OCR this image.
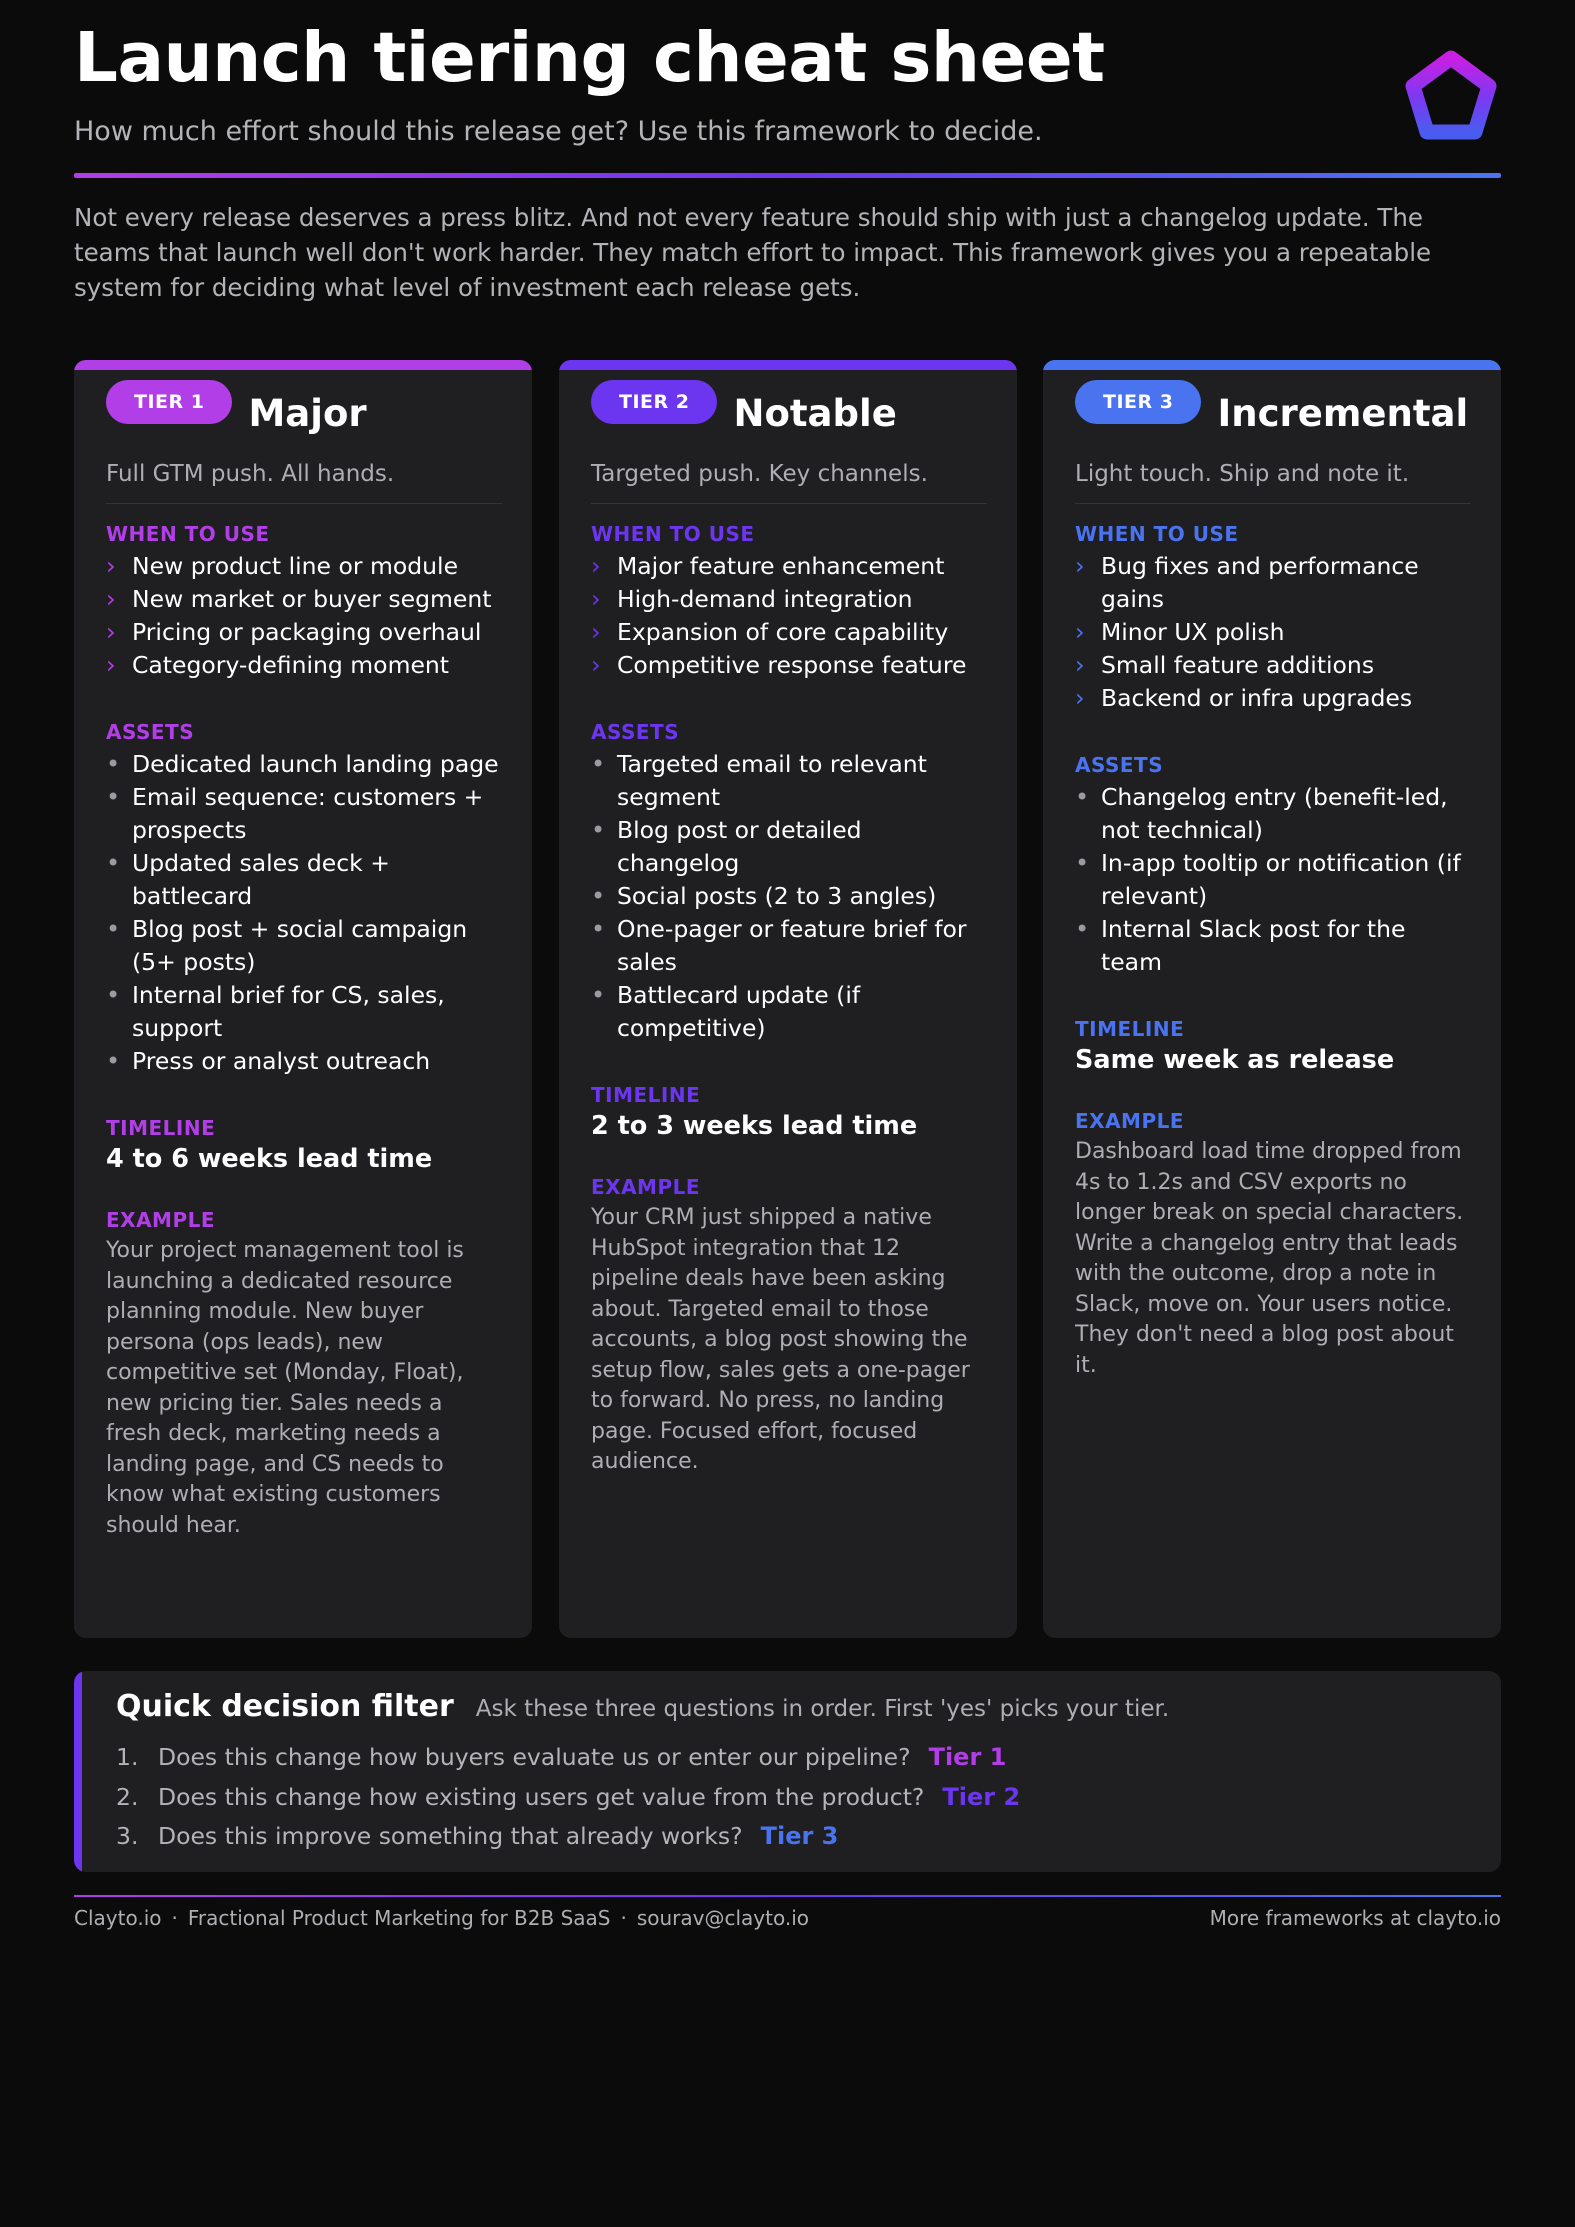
Launch tiering cheat sheet
How much effort should this release get? Use this framework to decide.

Not every release deserves a press blitz. And not every feature should ship with just a changelog update. The teams that launch well don't work harder. They match effort to impact. This framework gives you a repeatable system for deciding what level of investment each release gets.

TIER 1 Major
Full GTM push. All hands.
WHEN TO USE
› New product line or module
› New market or buyer segment
› Pricing or packaging overhaul
› Category-defining moment
ASSETS
• Dedicated launch landing page
• Email sequence: customers + prospects
• Updated sales deck + battlecard
• Blog post + social campaign (5+ posts)
• Internal brief for CS, sales, support
• Press or analyst outreach
TIMELINE
4 to 6 weeks lead time
EXAMPLE

Your project management tool is launching a dedicated resource planning module. New buyer persona (ops leads), new competitive set (Monday, Float), new pricing tier. Sales needs a fresh deck, marketing needs a landing page, and CS needs to know what existing customers should hear.

TIER 2 Notable
Targeted push. Key channels.
WHEN TO USE
› Major feature enhancement
› High-demand integration
› Expansion of core capability
› Competitive response feature
ASSETS
• Targeted email to relevant segment
• Blog post or detailed changelog
• Social posts (2 to 3 angles)
• One-pager or feature brief for sales
• Battlecard update (if competitive)
TIMELINE
2 to 3 weeks lead time
EXAMPLE

Your CRM just shipped a native HubSpot integration that 12 pipeline deals have been asking about. Targeted email to those accounts, a blog post showing the setup flow, sales gets a one-pager to forward. No press, no landing page. Focused effort, focused audience.

TIER 3 Incremental
Light touch. Ship and note it.
WHEN TO USE
› Bug fixes and performance gains
› Minor UX polish
› Small feature additions
› Backend or infra upgrades
ASSETS
• Changelog entry (benefit-led, not technical)
• In-app tooltip or notification (if relevant)
• Internal Slack post for the team
TIMELINE
Same week as release
EXAMPLE

Dashboard load time dropped from 4s to 1.2s and CSV exports no longer break on special characters. Write a changelog entry that leads with the outcome, drop a note in Slack, move on. Your users notice. They don't need a blog post about it.

Quick decision filter Ask these three questions in order. First 'yes' picks your tier.
1. Does this change how buyers evaluate us or enter our pipeline? Tier 1
2. Does this change how existing users get value from the product? Tier 2
3. Does this improve something that already works? Tier 3
Clayto.io · Fractional Product Marketing for B2B SaaS · sourav@clayto.io	More frameworks at clayto.io
